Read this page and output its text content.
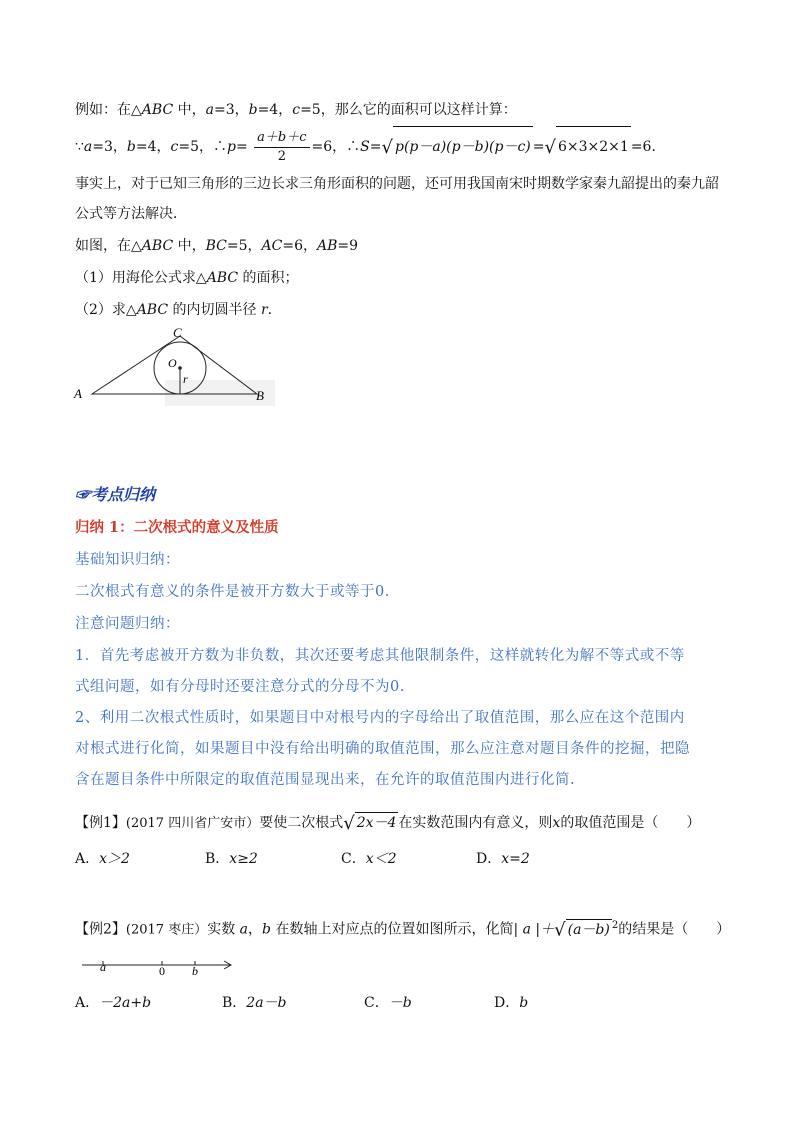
例如：在△ABC 中，a=3，b=4，c=5，那么它的面积可以这样计算：
∵a=3，b=4，c=5，∴p= $\frac{a+b+c}{2} =6$，∴S=√ p(p－a)(p－b)(p－c) =√ 6×3×2×1 =6．
事实上，对于已知三角形的三边长求三角形面积的问题，还可用我国南宋时期数学家秦九韶提出的秦九韶
公式等方法解决．
如图，在△ABC 中，BC=5，AC=6，AB=9
（1）用海伦公式求△ABC 的面积；
（2）求△ABC 的内切圆半径 r．
A	B
C
O
r
☞考点归纳
归纳 1：二次根式的意义及性质
基础知识归纳：
二次根式有意义的条件是被开方数大于或等于0.
注意问题归纳：
1．首先考虑被开方数为非负数，其次还要考虑其他限制条件，这样就转化为解不等式或不等
式组问题，如有分母时还要注意分式的分母不为0.
2、利用二次根式性质时，如果题目中对根号内的字母给出了取值范围，那么应在这个范围内
对根式进行化简，如果题目中没有给出明确的取值范围，那么应注意对题目条件的挖掘，把隐
含在题目条件中所限定的取值范围显现出来，在允许的取值范围内进行化简.
【例1】(2017 四川省广安市）要使二次根式√ 2x－4 在实数范围内有意义，则x的取值范围是（　　）
A．x＞2	B．x≥2	C．x＜2	D．x=2
【例2】(2017 枣庄）实数 a，b 在数轴上对应点的位置如图所示，化简| a |＋√ (a－b) $^2$的结果是（　　）
a	0 b
A．－2a+b	B．2a－b	C．－b	D．b
